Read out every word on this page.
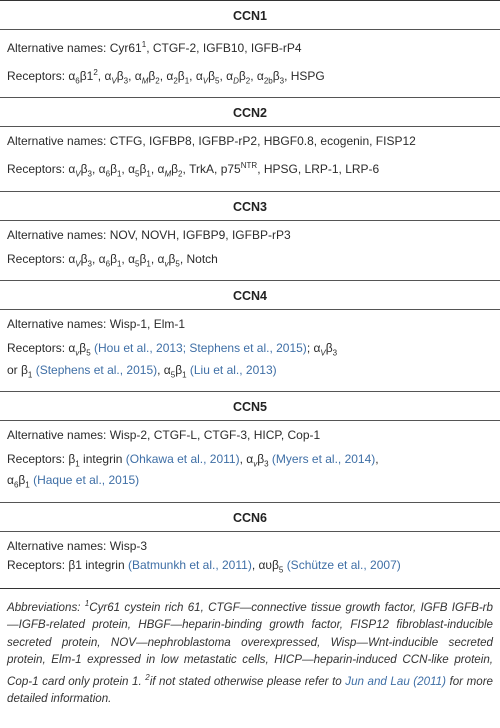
CCN1
Alternative names: $Cyr61^1$, CTGF-2, IGFB10, IGFB-rP4
Receptors: $\alpha_6\beta 1^2$, $\alpha_V\beta_3$, $\alpha_M\beta_2$, $\alpha_2\beta_1$, $\alpha_V\beta_5$, $\alpha_D\beta_2$, $\alpha_{2b}\beta_3$, HSPG
CCN2
Alternative names: CTFG, IGFBP8, IGFBP-rP2, HBGF0.8, ecogenin, FISP12
Receptors: $\alpha_V\beta_3$, $\alpha_6\beta_1$, $\alpha_5\beta_1$, $\alpha_M\beta_2$, TrkA, $p75^{NTR}$, HPSG, LRP-1, LRP-6
CCN3
Alternative names: NOV, NOVH, IGFBP9, IGFBP-rP3
Receptors: $\alpha_V\beta_3$, $\alpha_6\beta_1$, $\alpha_5\beta_1$, $\alpha_v\beta_5$, Notch
CCN4
Alternative names: Wisp-1, Elm-1
Receptors: $\alpha_v\beta_5$ (Hou et al., 2013; Stephens et al., 2015); $\alpha_V\beta_3$
or $\beta_1$ (Stephens et al., 2015), $\alpha_5\beta_1$ (Liu et al., 2013)
CCN5
Alternative names: Wisp-2, CTGF-L, CTGF-3, HICP, Cop-1
Receptors: $\beta_1$ integrin (Ohkawa et al., 2011), $\alpha_v\beta_3$ (Myers et al., 2014),
$\alpha_6\beta_1$ (Haque et al., 2015)
CCN6
Alternative names: Wisp-3
Receptors: β1 integrin (Batmunkh et al., 2011), αυβ$_5$ (Schütze et al., 2007)
Abbreviations: $^1$Cyr61 cystein rich 61, CTGF—connective tissue growth factor, IGFB IGFB-rb—IGFB-related protein, HBGF—heparin-binding growth factor, FISP12 fibroblast-inducible secreted protein, NOV—nephroblastoma overexpressed, Wisp—Wnt-inducible secreted protein, Elm-1 expressed in low metastatic cells, HICP—heparin-induced CCN-like protein, Cop-1 card only protein 1. $^2$if not stated otherwise please refer to Jun and Lau (2011) for more detailed information.
